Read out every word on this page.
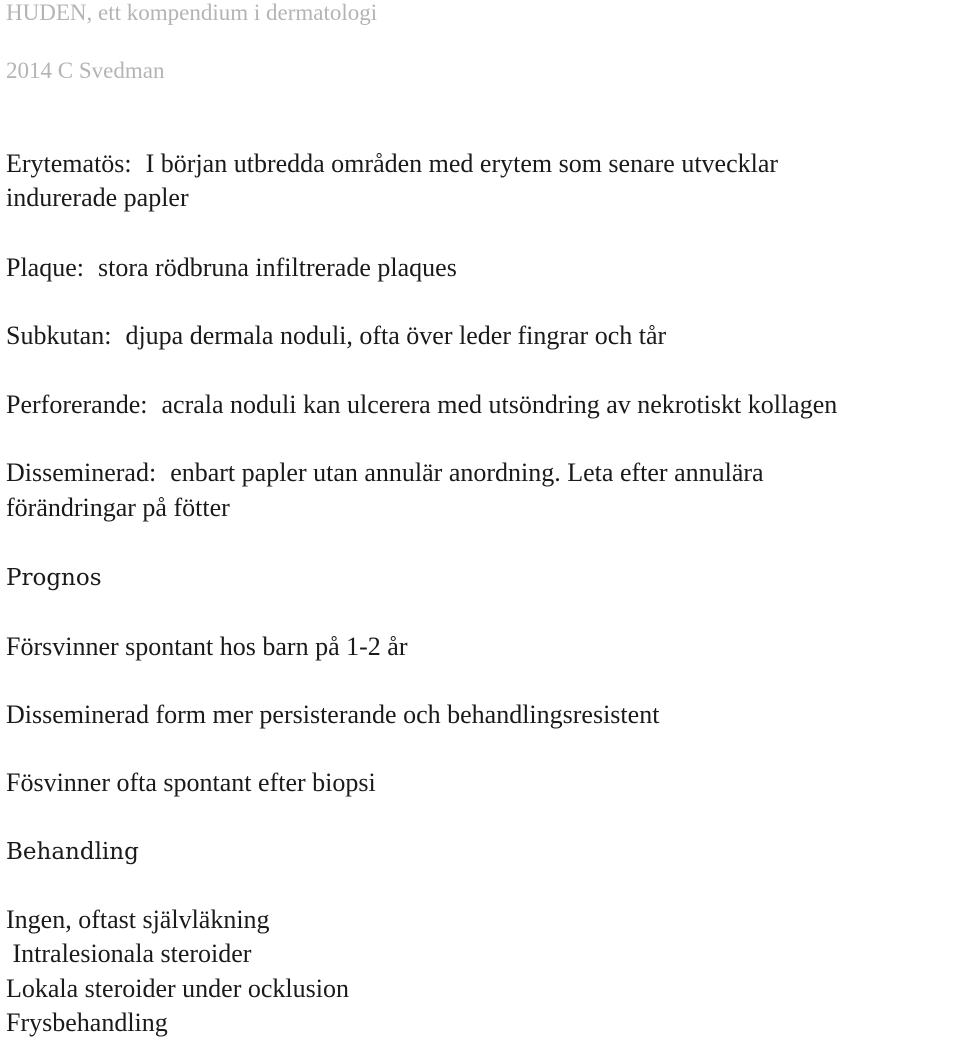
HUDEN, ett kompendium i dermatologi
2014 C Svedman
Erytematös: I början utbredda områden med erytem som senare utvecklar
indurerade papler
Plaque: stora rödbruna infiltrerade plaques
Subkutan: djupa dermala noduli, ofta över leder fingrar och tår
Perforerande: acrala noduli kan ulcerera med utsöndring av nekrotiskt kollagen
Disseminerad: enbart papler utan annulär anordning. Leta efter annulära
förändringar på fötter
Prognos
Försvinner spontant hos barn på 1-2 år
Disseminerad form mer persisterande och behandlingsresistent
Fösvinner ofta spontant efter biopsi
Behandling
Ingen, oftast självläkning
Intralesionala steroider
Lokala steroider under ocklusion
Frysbehandling
